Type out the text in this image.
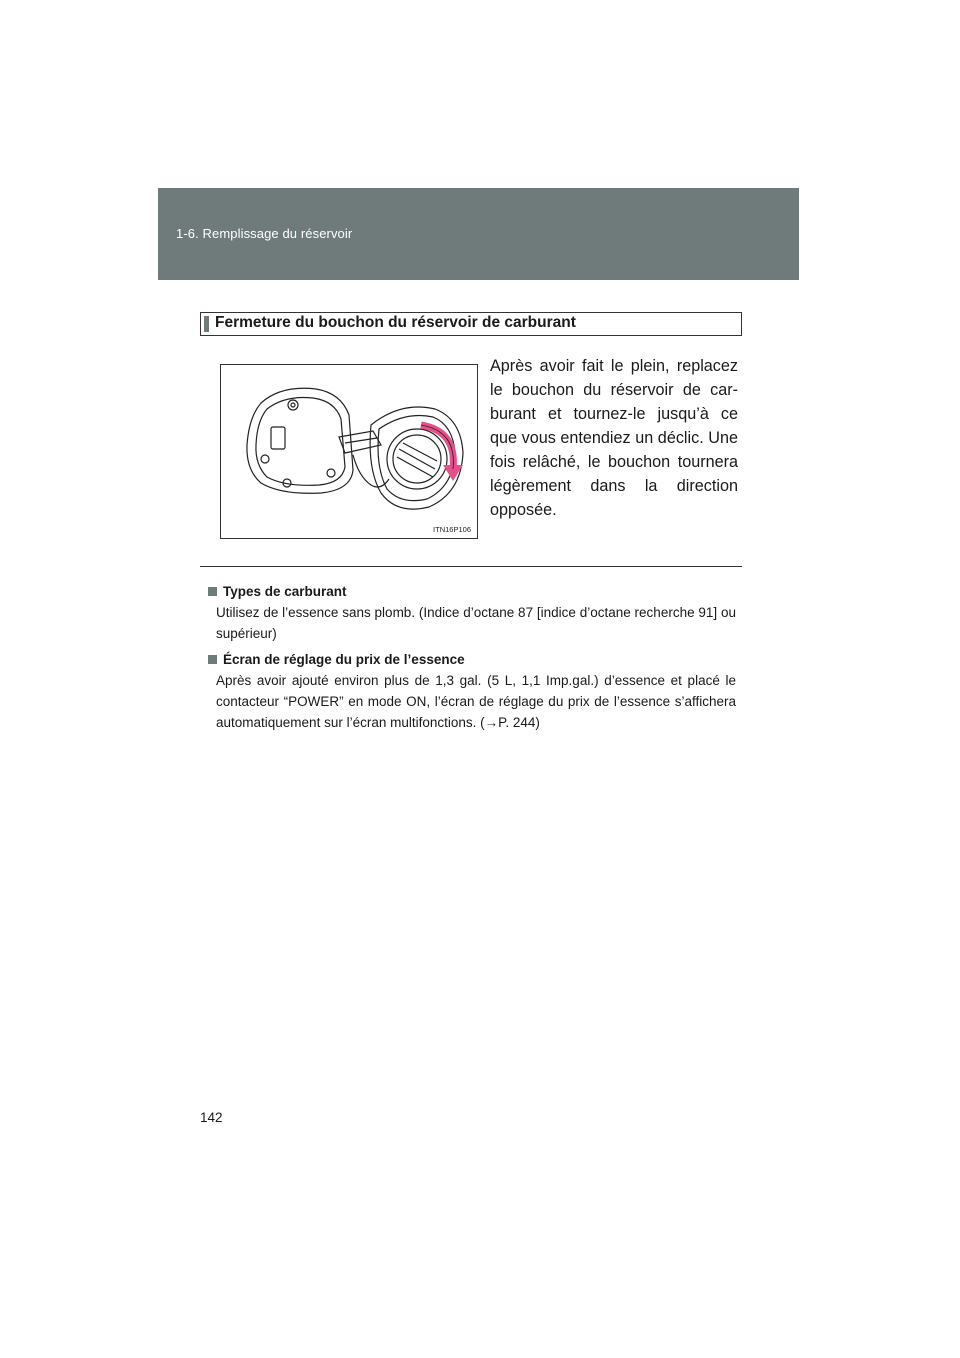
1-6. Remplissage du réservoir
Fermeture du bouchon du réservoir de carburant
ITN16P106

Après avoir fait le plein, replacez le bouchon du réservoir de car-burant et tournez-le jusqu’à ce que vous entendiez un déclic. Une fois relâché, le bouchon tournera légèrement dans la direction opposée.

Types de carburant

Utilisez de l’essence sans plomb. (Indice d’octane 87 [indice d’octane recherche 91] ou supérieur)

Écran de réglage du prix de l’essence

Après avoir ajouté environ plus de 1,3 gal. (5 L, 1,1 Imp.gal.) d’essence et placé le contacteur “POWER” en mode ON, l’écran de réglage du prix de l’essence s’affichera automatiquement sur l’écran multifonctions. (→P. 244)

142
